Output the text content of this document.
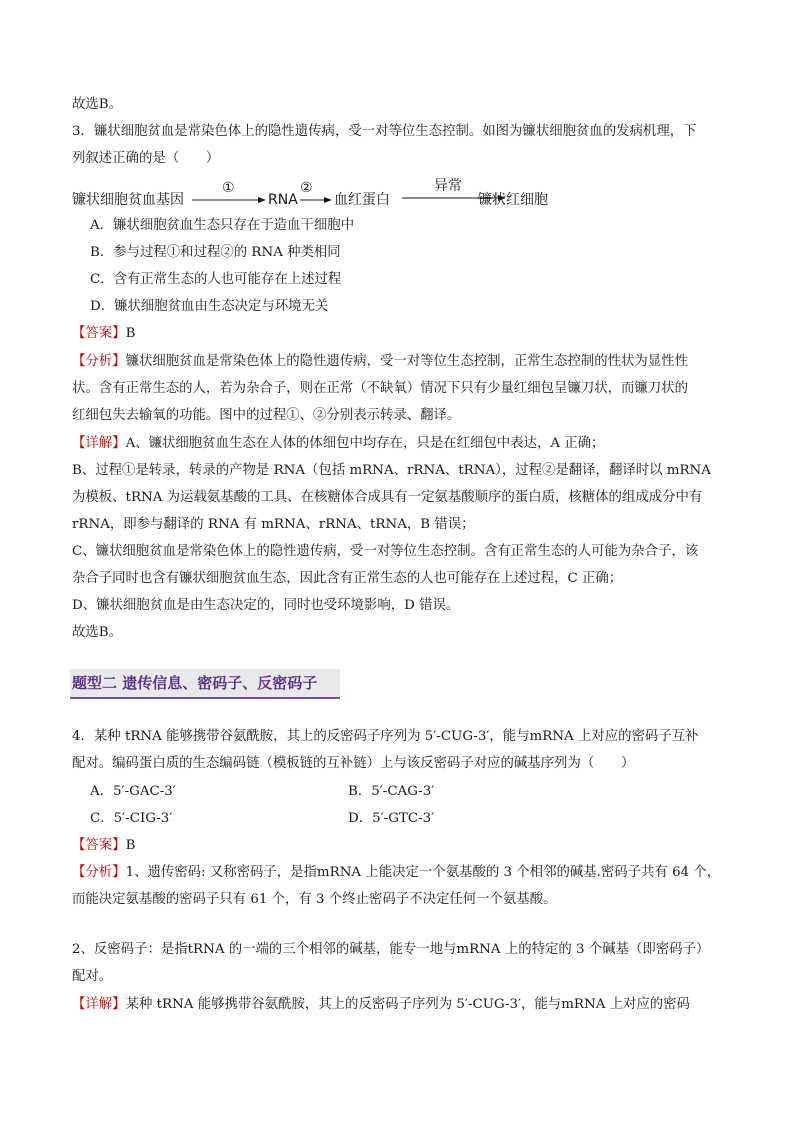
故选B。
3．镰状细胞贫血是常染色体上的隐性遗传病，受一对等位生态控制。如图为镰状细胞贫血的发病机理，下
列叙述正确的是（　　）
镰状细胞贫血基因
①
RNA
②
血红蛋白
异常
镰状红细胞
A．镰状细胞贫血生态只存在于造血干细胞中
B．参与过程①和过程②的 RNA 种类相同
C．含有正常生态的人也可能存在上述过程
D．镰状细胞贫血由生态决定与环境无关
【答案】B
【分析】镰状细胞贫血是常染色体上的隐性遗传病，受一对等位生态控制，正常生态控制的性状为显性性
状。含有正常生态的人，若为杂合子，则在正常（不缺氧）情况下只有少量红细包呈镰刀状，而镰刀状的
红细包失去输氧的功能。图中的过程①、②分别表示转录、翻译。
【详解】A、镰状细胞贫血生态在人体的体细包中均存在，只是在红细包中表达，A 正确；
B、过程①是转录，转录的产物是 RNA（包括 mRNA、rRNA、tRNA），过程②是翻译，翻译时以 mRNA
为模板、tRNA 为运载氨基酸的工具、在核糖体合成具有一定氨基酸顺序的蛋白质，核糖体的组成成分中有
rRNA，即参与翻译的 RNA 有 mRNA、rRNA、tRNA，B 错误；
C、镰状细胞贫血是常染色体上的隐性遗传病，受一对等位生态控制。含有正常生态的人可能为杂合子，该
杂合子同时也含有镰状细胞贫血生态，因此含有正常生态的人也可能存在上述过程，C 正确；
D、镰状细胞贫血是由生态决定的，同时也受环境影响，D 错误。
故选B。
题型二 遗传信息、密码子、反密码子
4．某种 tRNA 能够携带谷氨酰胺，其上的反密码子序列为 5′-CUG-3′，能与mRNA 上对应的密码子互补
配对。编码蛋白质的生态编码链（模板链的互补链）上与该反密码子对应的碱基序列为（　　）
A．5′-GAC-3′	B．5′-CAG-3′
C．5′-CIG-3′	D．5′-GTC-3′
【答案】B
【分析】1、遗传密码: 又称密码子，是指mRNA 上能决定一个氨基酸的 3 个相邻的碱基.密码子共有 64 个，
而能决定氨基酸的密码子只有 61 个，有 3 个终止密码子不决定任何一个氨基酸。
2、反密码子：是指tRNA 的一端的三个相邻的碱基，能专一地与mRNA 上的特定的 3 个碱基（即密码子）
配对。
【详解】某种 tRNA 能够携带谷氨酰胺，其上的反密码子序列为 5′-CUG-3′，能与mRNA 上对应的密码
